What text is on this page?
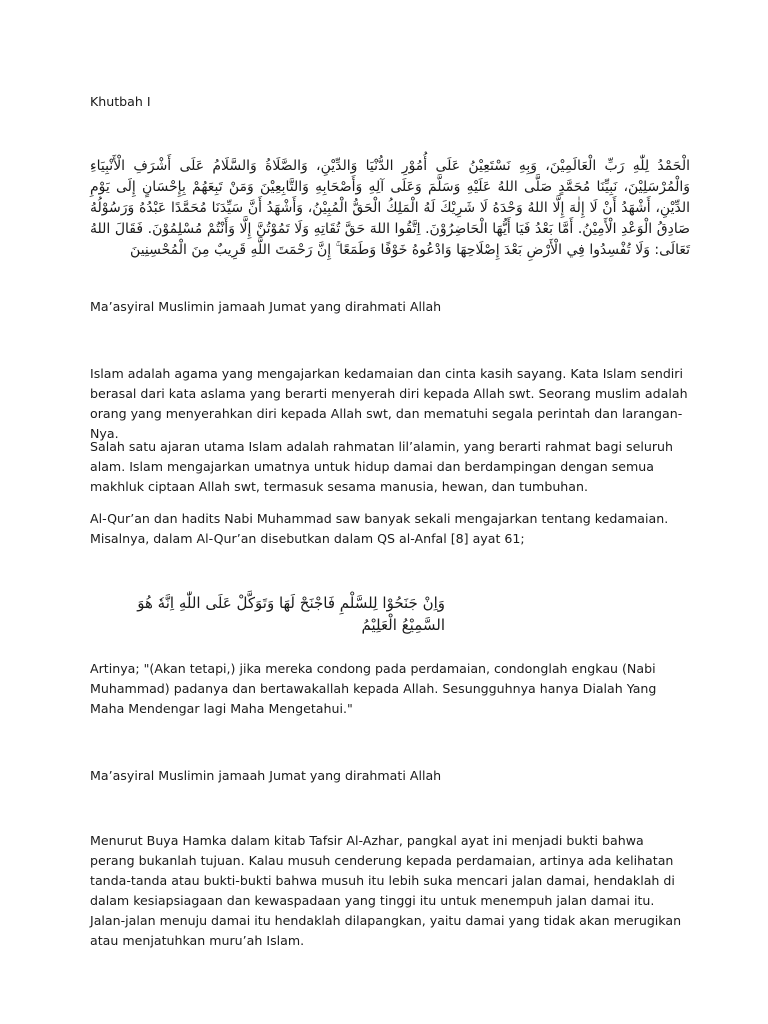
Khutbah I

الْحَمْدُ لِلّٰهِ رَبِّ الْعَالَمِيْنَ، وَبِهِ نَسْتَعِيْنُ عَلَى أُمُوْرِ الدُّنْيَا وَالدِّيْنِ، وَالصَّلَاةُ وَالسَّلَامُ عَلَى أَشْرَفِ الْأَنْبِيَاءِ وَالْمُرْسَلِيْنَ، نَبِيِّنَا مُحَمَّدٍ صَلَّى اللهُ عَلَيْهِ وَسَلَّمَ وَعَلَى آلِهِ وَأَصْحَابِهِ وَالتَّابِعِيْنَ وَمَنْ تَبِعَهُمْ بِإِحْسَانٍ إِلَى يَوْمِ الدِّيْنِ، أَشْهَدُ أَنْ لَا إِلٰهَ إِلَّا اللهُ وَحْدَهُ لَا شَرِيْكَ لَهُ الْمَلِكُ الْحَقُّ الْمُبِيْنُ، وَأَشْهَدُ أَنَّ سَيِّدَنَا مُحَمَّدًا عَبْدُهُ وَرَسُوْلُهُ صَادِقُ الْوَعْدِ الْأَمِيْنُ. أَمَّا بَعْدُ فَيَا أَيُّهَا الْحَاضِرُوْنَ. اِتَّقُوا اللهَ حَقَّ تُقَاتِهِ وَلَا تَمُوْتُنَّ إِلَّا وَأَنْتُمْ مُسْلِمُوْنَ. فَقَالَ اللهُ تَعَالَى: وَلَا تُفْسِدُوا فِي الْأَرْضِ بَعْدَ إِصْلَاحِهَا وَادْعُوهُ خَوْفًا وَطَمَعًا ۚ إِنَّ رَحْمَتَ اللَّهِ قَرِيبٌ مِنَ الْمُحْسِنِينَ

Ma’asyiral Muslimin jamaah Jumat yang dirahmati Allah

Islam adalah agama yang mengajarkan kedamaian dan cinta kasih sayang. Kata Islam sendiri berasal dari kata aslama yang berarti menyerah diri kepada Allah swt. Seorang muslim adalah orang yang menyerahkan diri kepada Allah swt, dan mematuhi segala perintah dan larangan-Nya.

Salah satu ajaran utama Islam adalah rahmatan lil’alamin, yang berarti rahmat bagi seluruh alam. Islam mengajarkan umatnya untuk hidup damai dan berdampingan dengan semua makhluk ciptaan Allah swt, termasuk sesama manusia, hewan, dan tumbuhan.

Al-Qur’an dan hadits Nabi Muhammad saw banyak sekali mengajarkan tentang kedamaian. Misalnya, dalam Al-Qur’an disebutkan dalam QS al-Anfal [8] ayat 61;

وَاِنْ جَنَحُوْا لِلسَّلْمِ فَاجْنَحْ لَهَا وَتَوَكَّلْ عَلَى اللّٰهِ اِنَّهٗ هُوَ السَّمِيْعُ الْعَلِيْمُ

Artinya; "(Akan tetapi,) jika mereka condong pada perdamaian, condonglah engkau (Nabi Muhammad) padanya dan bertawakallah kepada Allah. Sesungguhnya hanya Dialah Yang Maha Mendengar lagi Maha Mengetahui."

Ma’asyiral Muslimin jamaah Jumat yang dirahmati Allah

Menurut Buya Hamka dalam kitab Tafsir Al-Azhar, pangkal ayat ini menjadi bukti bahwa perang bukanlah tujuan. Kalau musuh cenderung kepada perdamaian, artinya ada kelihatan tanda-tanda atau bukti-bukti bahwa musuh itu lebih suka mencari jalan damai, hendaklah di dalam kesiapsiagaan dan kewaspadaan yang tinggi itu untuk menempuh jalan damai itu. Jalan-jalan menuju damai itu hendaklah dilapangkan, yaitu damai yang tidak akan merugikan atau menjatuhkan muru’ah Islam.
